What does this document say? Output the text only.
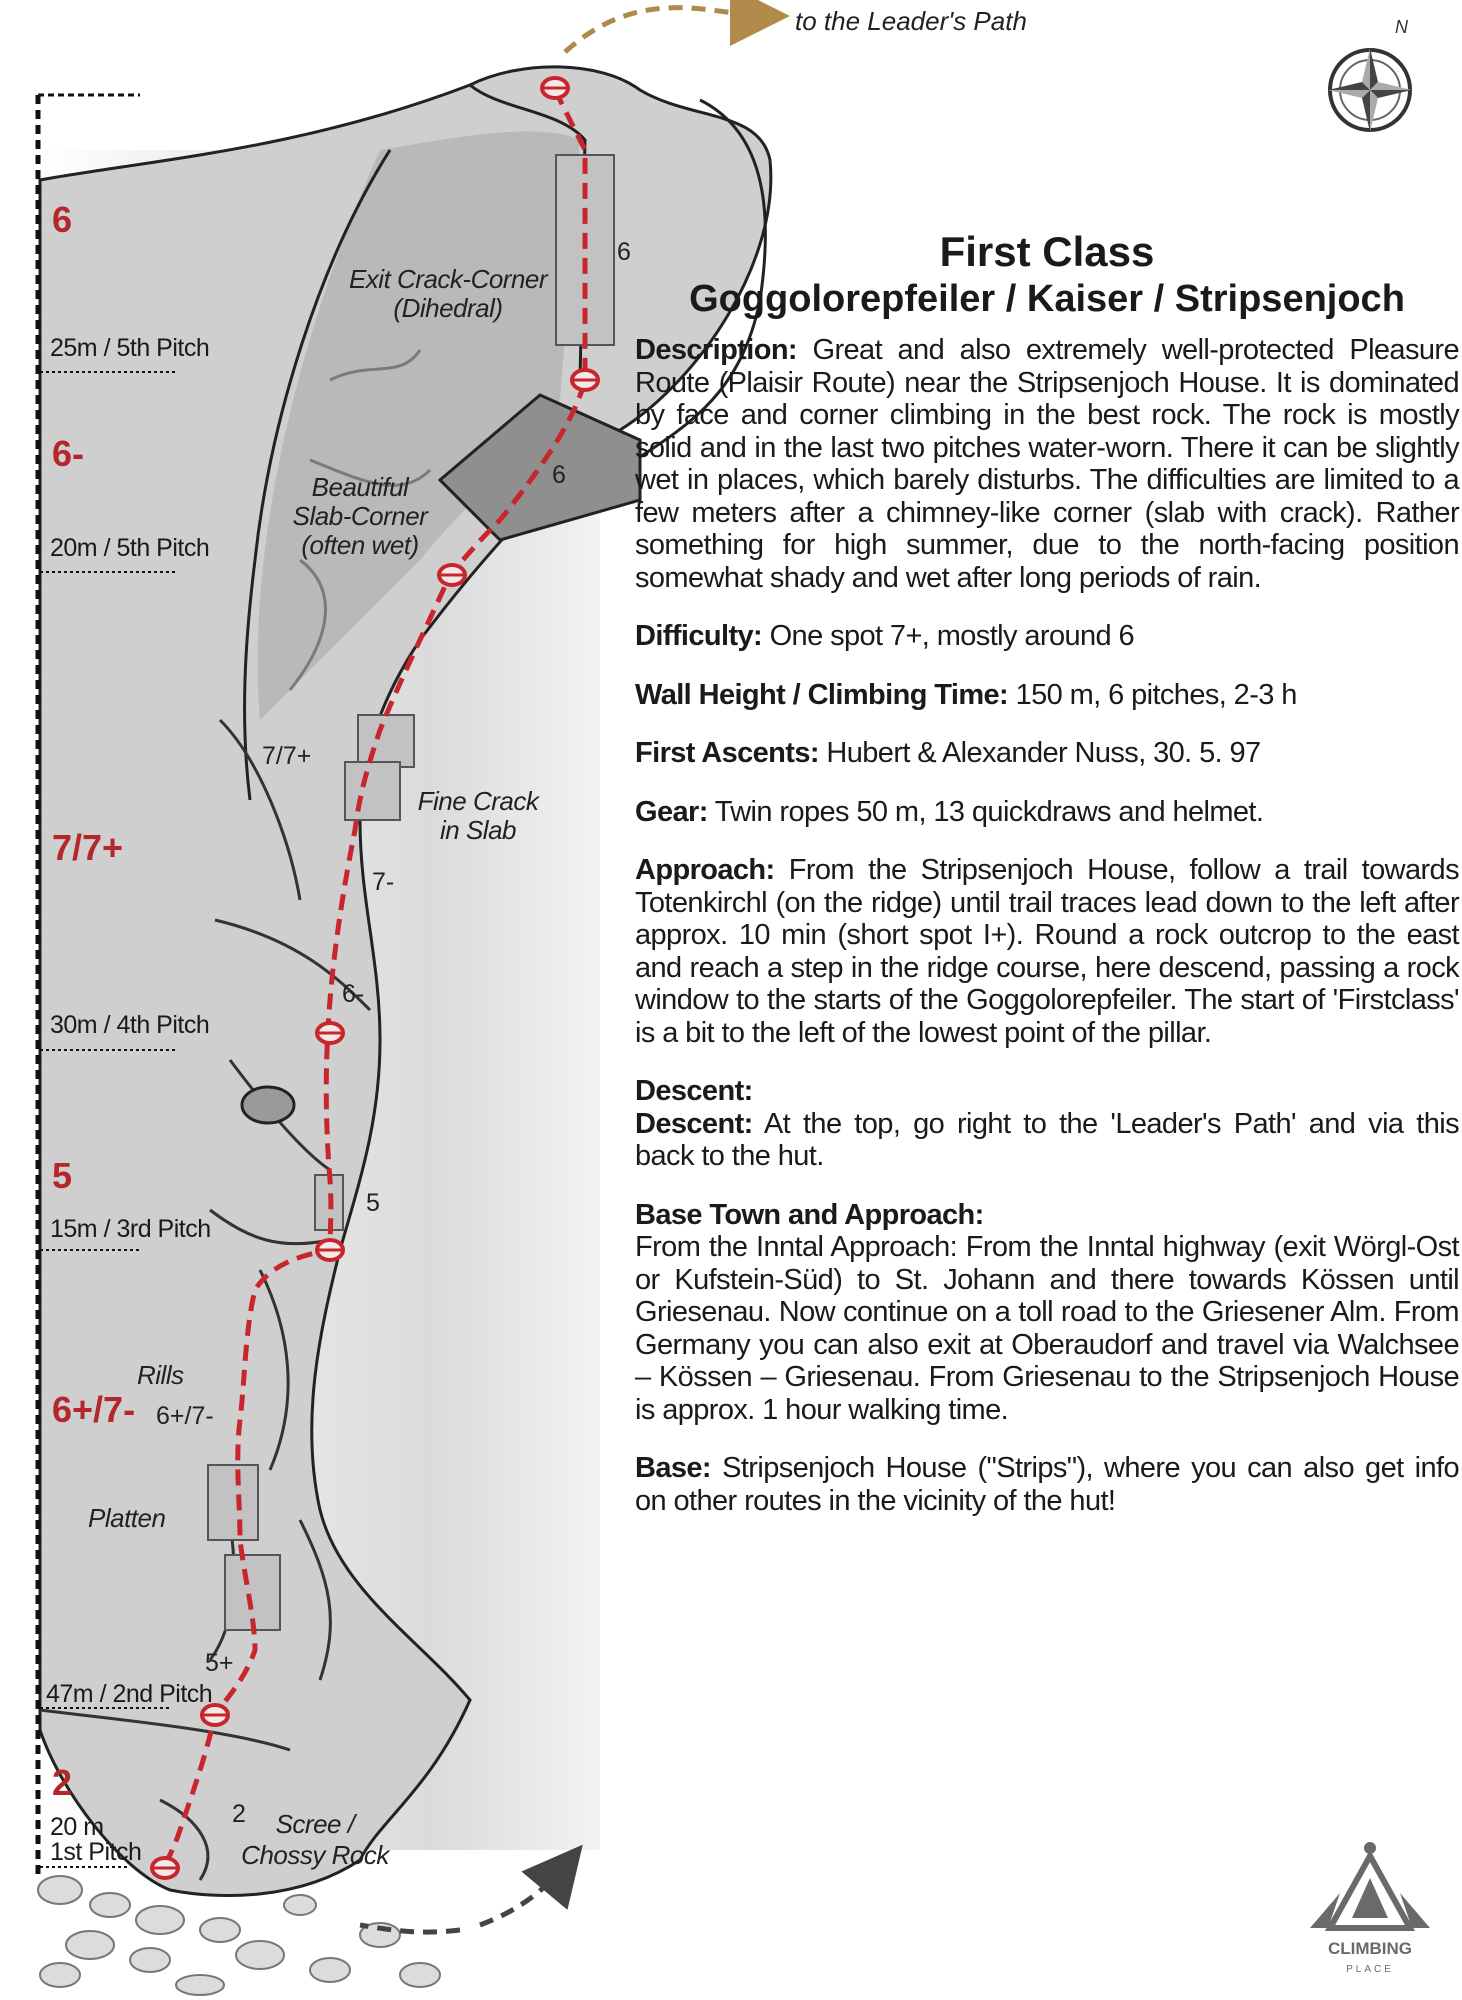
to the Leader's Path	N
6
6-
7/7+
5
6+/7-
2
25m / 5th Pitch
20m / 5th Pitch
30m / 4th Pitch
15m / 3rd Pitch
47m / 2nd Pitch
20 m
1st Pitch
Exit Crack-Corner
(Dihedral)
Beautiful
Slab-Corner
(often wet)
Fine Crack
in Slab
Rills
Platten
Scree /
Chossy Rock
6
6
7/7+
7-
6-
5
6+/7-
5+
2
First Class
Goggolorepfeiler / Kaiser / Stripsenjoch

Description: Great and also extremely well-protected Pleasure Route (Plaisir Route) near the Stripsenjoch House. It is dominated by face and corner climbing in the best rock. The rock is mostly solid and in the last two pitches water-worn. There it can be slightly wet in places, which barely disturbs. The difficulties are limited to a few meters after a chimney-like corner (slab with crack). Rather something for high summer, due to the north-facing position somewhat shady and wet after long periods of rain.

Difficulty: One spot 7+, mostly around 6

Wall Height / Climbing Time: 150 m, 6 pitches, 2-3 h

First Ascents: Hubert & Alexander Nuss, 30. 5. 97

Gear: Twin ropes 50 m, 13 quickdraws and helmet.

Approach: From the Stripsenjoch House, follow a trail towards Totenkirchl (on the ridge) until trail traces lead down to the left after approx. 10 min (short spot I+). Round a rock outcrop to the east and reach a step in the ridge course, here descend, passing a rock window to the starts of the Goggolorepfeiler. The start of 'Firstclass' is a bit to the left of the lowest point of the pillar.

Descent:
Descent: At the top, go right to the 'Leader's Path' and via this back to the hut.

Base Town and Approach:
From the Inntal Approach: From the Inntal highway (exit Wörgl-Ost or Kufstein-Süd) to St. Johann and there towards Kössen until Griesenau. Now continue on a toll road to the Griesener Alm. From Germany you can also exit at Oberaudorf and travel via Walchsee – Kössen – Griesenau. From Griesenau to the Stripsenjoch House is approx. 1 hour walking time.

Base: Stripsenjoch House ("Strips"), where you can also get info on other routes in the vicinity of the hut!

CLIMBING
PLACE
